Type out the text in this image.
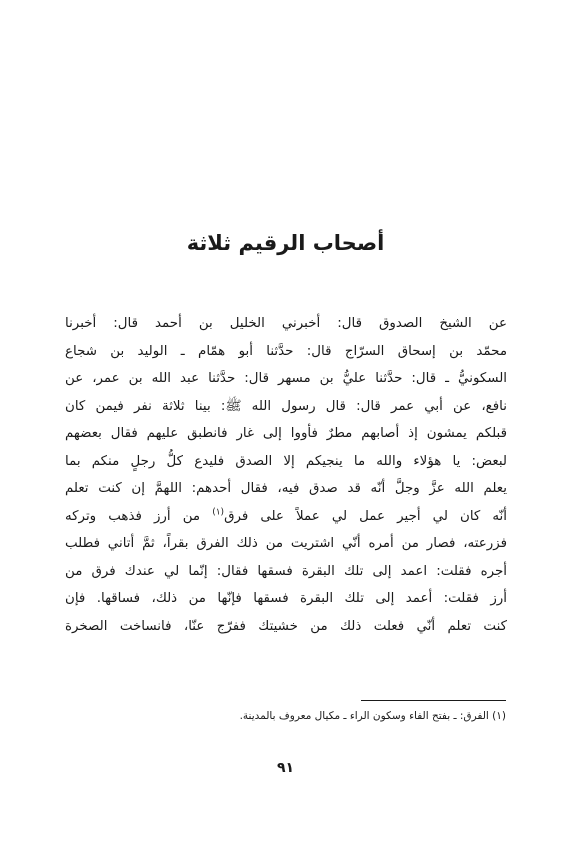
أصحاب الرقيم ثلاثة
عن الشيخ الصدوق قال: أخبرني الخليل بن أحمد قال: أخبرنا
محمّد بن إسحاق السرّاج قال: حدَّثنا أبو همّام ـ الوليد بن شجاع
السكونيُّ ـ قال: حدَّثنا عليُّ بن مسهر قال: حدَّثنا عبد الله بن عمر، عن
نافع، عن أبي عمر قال: قال رسول الله ﷺ: بينا ثلاثة نفر فيمن كان
قبلكم يمشون إذ أصابهم مطرٌ فأووا إلى غار فانطبق عليهم فقال بعضهم
لبعض: يا هؤلاء والله ما ينجيكم إلا الصدق فليدع كلُّ رجلٍ منكم بما
يعلم الله عزَّ وجلَّ أنّه قد صدق فيه، فقال أحدهم: اللهمَّ إن كنت تعلم
أنّه كان لي أجير عمل لي عملاً على فرق$^{(١)}$ من أرز فذهب وتركه
فزرعته، فصار من أمره أنّي اشتريت من ذلك الفرق بقراً، ثمَّ أتاني فطلب
أجره فقلت: اعمد إلى تلك البقرة فسقها فقال: إنّما لي عندك فرق من
أرز فقلت: أعمد إلى تلك البقرة فسقها فإنّها من ذلك، فساقها. فإن
كنت تعلم أنّي فعلت ذلك من خشيتك ففرّج عنّا، فانساخت الصخرة
(١) الفرق: ـ بفتح الفاء وسكون الراء ـ مكيال معروف بالمدينة.
٩١
